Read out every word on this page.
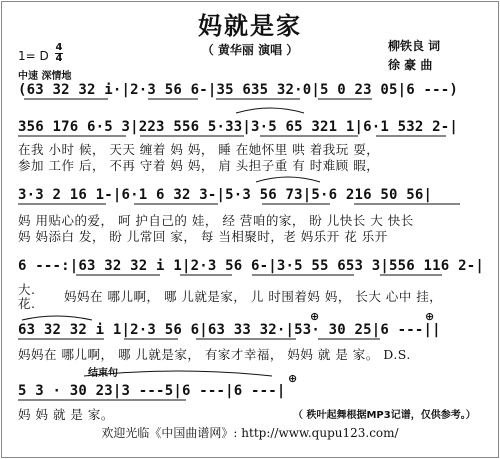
妈就是家
（ 黄华丽 演唱 ）	柳铁良 词
徐 豪 曲
1= D
4
4
中速 深情地
(63 32 32 i·|2·3 56 6-|35 635 32·0|5 0 23 05|6 ---)
356 176 6·5 3|223 556 5·33|3·5 65 321 1|6·1 532 2-|
在我 小时 候， 天天 缠着 妈 妈， 睡 在她怀里 哄 着我玩 耍，
参加 工作 后， 不再 守着 妈 妈， 肩 头担子重 有 时难顾 暇，
3·3 2 16 1-|6·1 6 32 3-|5·3 56 73|5·6 216 50 56|
妈 用贴心的爱， 呵 护自己的 娃， 经 营咱的家， 盼 儿快长 大 快长
妈 妈添白 发， 盼 儿常回 家， 每 当相聚时，老 妈乐开 花 乐开
6 ---:|63 32 32 i 1|2·3 56 6-|3·5 55 653 3|556 116 2-|
大.
花. 妈妈在 哪儿啊， 哪 儿就是家， 儿 时围着妈 妈， 长大 心中 挂，
63 32 32 i 1|2·3 56 6|63 33 32·|53· 30 25|6 ---||
妈妈在 哪儿啊， 哪 儿就是家， 有家才幸福， 妈妈 就 是 家。 D.S.
结束句
5 3 · 30 23|3 ---5|6 ---|6 ---|
妈 妈 就 是 家。	（ 秩叶起舞根据MP3记谱，仅供参考。）
欢迎光临《中国曲谱网》: http://www.qupu123.com/
⊕	⊕
⊕
